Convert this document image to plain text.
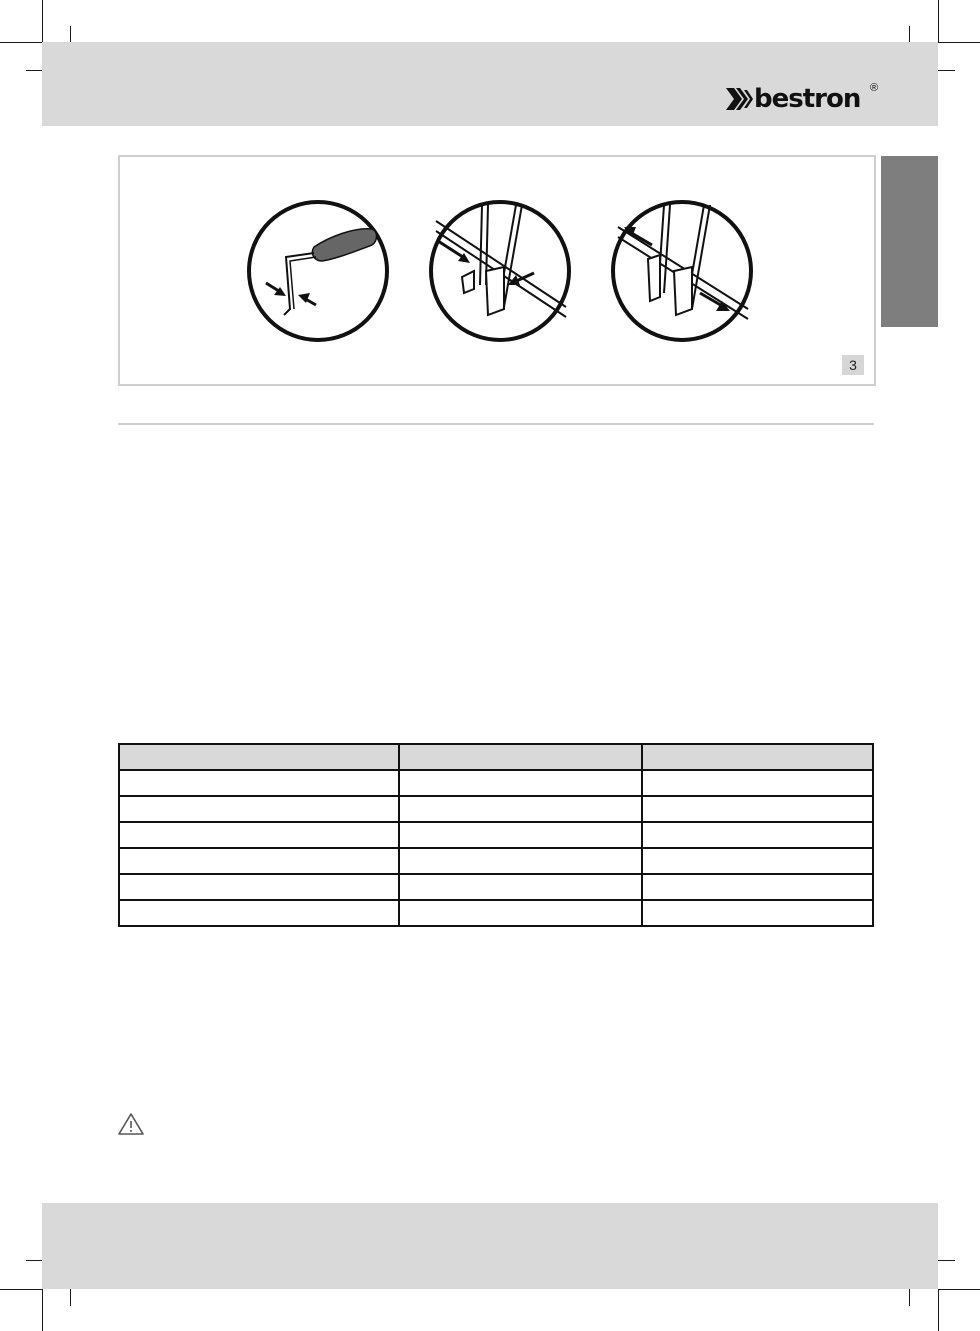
bestron ®
3
